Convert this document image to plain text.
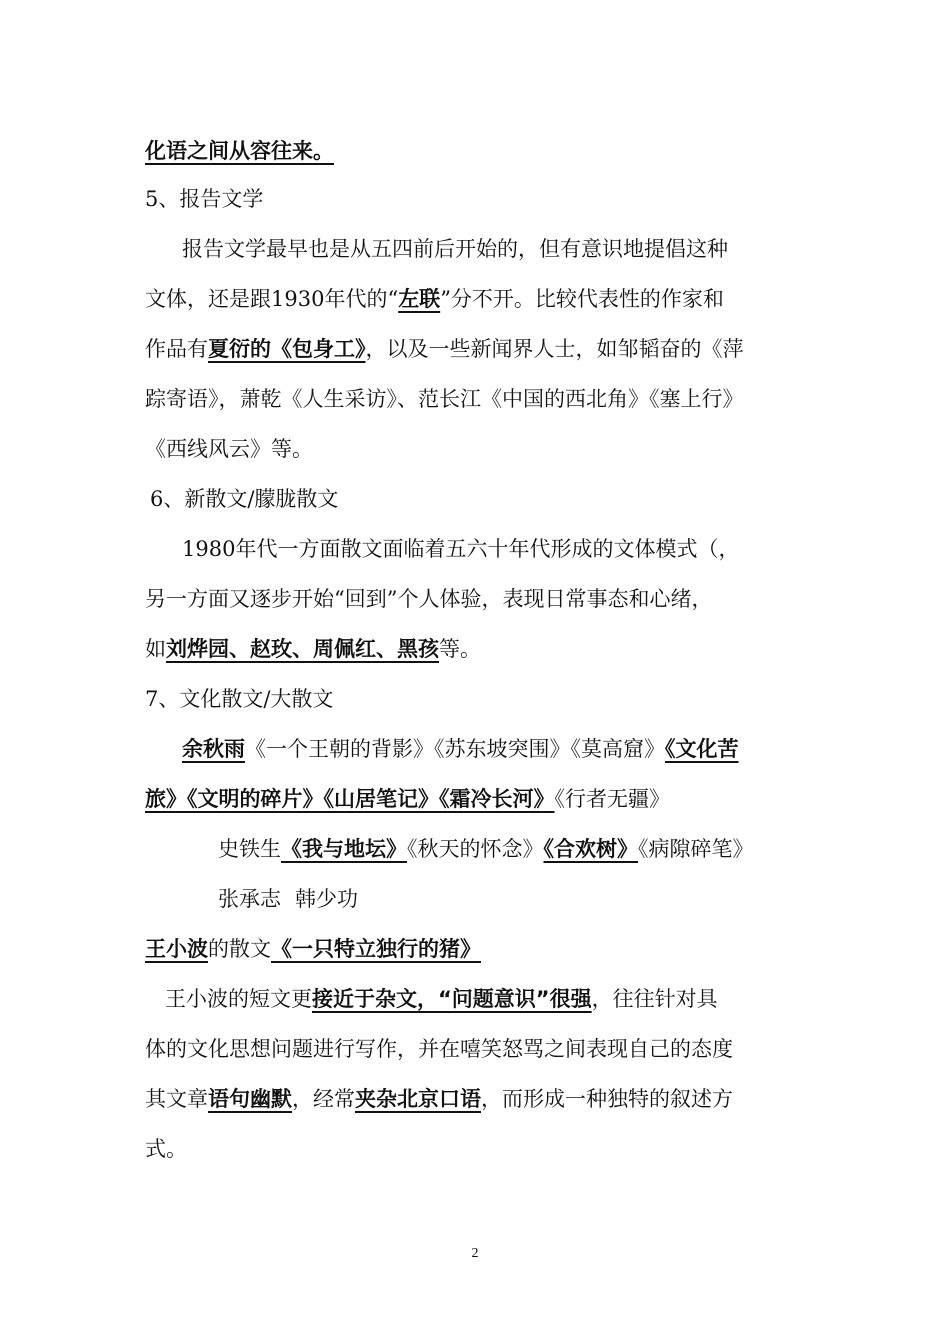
化语之间从容往来。
5、报告文学
报告文学最早也是从五四前后开始的，但有意识地提倡这种
文体，还是跟1930年代的“左联”分不开。比较代表性的作家和
作品有夏衍的《包身工》，以及一些新闻界人士，如邹韬奋的《萍
踪寄语》，萧乾《人生采访》、范长江《中国的西北角》《塞上行》
《西线风云》等。
6、新散文/朦胧散文
1980年代一方面散文面临着五六十年代形成的文体模式（，
另一方面又逐步开始“回到”个人体验，表现日常事态和心绪，
如刘烨园、赵玫、周佩红、黑孩等。
7、文化散文/大散文
余秋雨《一个王朝的背影》《苏东坡突围》《莫高窟》《文化苦
旅》《文明的碎片》《山居笔记》《霜冷长河》《行者无疆》
史铁生《我与地坛》《秋天的怀念》《合欢树》《病隙碎笔》
张承志 韩少功
王小波的散文《一只特立独行的猪》
王小波的短文更接近于杂文，“问题意识”很强，往往针对具
体的文化思想问题进行写作，并在嘻笑怒骂之间表现自己的态度
其文章语句幽默，经常夹杂北京口语，而形成一种独特的叙述方
式。
2
